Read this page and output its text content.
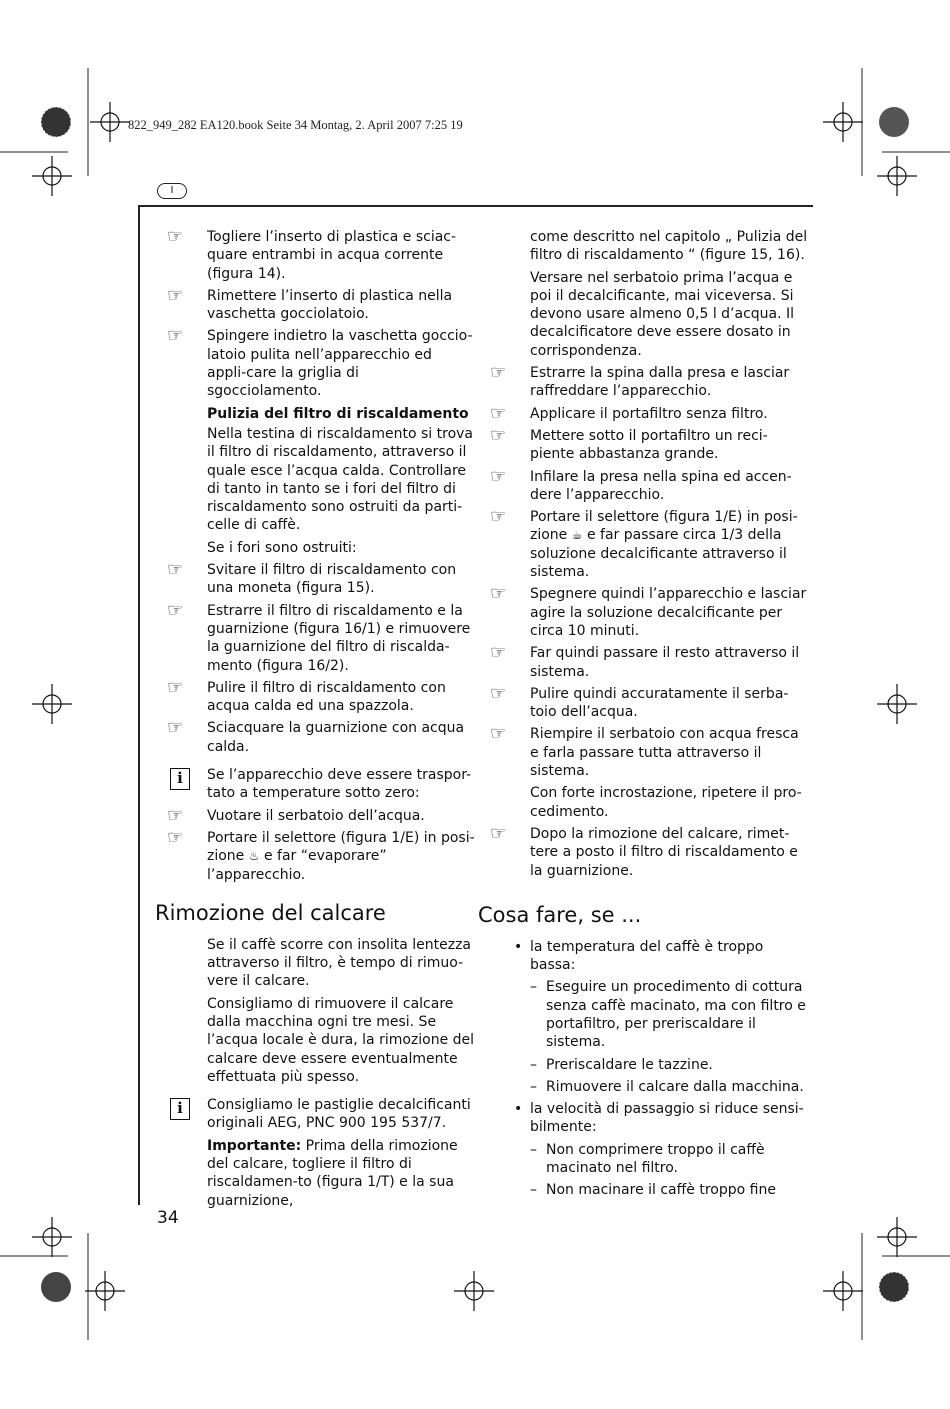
822_949_282 EA120.book Seite 34 Montag, 2. April 2007 7:25 19
I
☞ Togliere l’inserto di plastica e sciac-quare entrambi in acqua corrente (figura 14).
☞ Rimettere l’inserto di plastica nella vaschetta gocciolatoio.
☞ Spingere indietro la vaschetta goccio-latoio pulita nell’apparecchio ed appli-care la griglia di sgocciolamento.
Pulizia del filtro di riscaldamento
Nella testina di riscaldamento si trova il filtro di riscaldamento, attraverso il quale esce l’acqua calda. Controllare di tanto in tanto se i fori del filtro di riscaldamento sono ostruiti da parti-celle di caffè.
Se i fori sono ostruiti:
☞ Svitare il filtro di riscaldamento con una moneta (figura 15).
☞ Estrarre il filtro di riscaldamento e la guarnizione (figura 16/1) e rimuovere la guarnizione del filtro di riscalda-mento (figura 16/2).
☞ Pulire il filtro di riscaldamento con acqua calda ed una spazzola.
☞ Sciacquare la guarnizione con acqua calda.
i	Se l’apparecchio deve essere traspor-tato a temperature sotto zero:
☞ Vuotare il serbatoio dell’acqua.
☞ Portare il selettore (figura 1/E) in posi-zione ♨ e far “evaporare” l’apparecchio.
Rimozione del calcare
Se il caffè scorre con insolita lentezza attraverso il filtro, è tempo di rimuo-vere il calcare.
Consigliamo di rimuovere il calcare dalla macchina ogni tre mesi. Se l’acqua locale è dura, la rimozione del calcare deve essere eventualmente effettuata più spesso.
i	Consigliamo le pastiglie decalcificanti originali AEG, PNC 900 195 537/7.
Importante: Prima della rimozione del calcare, togliere il filtro di riscaldamen-to (figura 1/T) e la sua guarnizione,
come descritto nel capitolo „ Pulizia del filtro di riscaldamento “ (figure 15, 16).
Versare nel serbatoio prima l’acqua e poi il decalcificante, mai viceversa. Si devono usare almeno 0,5 l d’acqua. Il decalcificatore deve essere dosato in corrispondenza.
☞ Estrarre la spina dalla presa e lasciar raffreddare l’apparecchio.
☞ Applicare il portafiltro senza filtro.
☞ Mettere sotto il portafiltro un reci-piente abbastanza grande.
☞ Infilare la presa nella spina ed accen-dere l’apparecchio.
☞ Portare il selettore (figura 1/E) in posi-zione ☕ e far passare circa 1/3 della soluzione decalcificante attraverso il sistema.
☞ Spegnere quindi l’apparecchio e lasciar agire la soluzione decalcificante per circa 10 minuti.
☞ Far quindi passare il resto attraverso il sistema.
☞ Pulire quindi accuratamente il serba-toio dell’acqua.
☞ Riempire il serbatoio con acqua fresca e farla passare tutta attraverso il sistema.
Con forte incrostazione, ripetere il pro-cedimento.
☞ Dopo la rimozione del calcare, rimet-tere a posto il filtro di riscaldamento e la guarnizione.
Cosa fare, se ...
• la temperatura del caffè è troppo bassa:
– Eseguire un procedimento di cottura senza caffè macinato, ma con filtro e portafiltro, per preriscaldare il sistema.
– Preriscaldare le tazzine.
– Rimuovere il calcare dalla macchina.
• la velocità di passaggio si riduce sensi-bilmente:
– Non comprimere troppo il caffè macinato nel filtro.
– Non macinare il caffè troppo fine
34
